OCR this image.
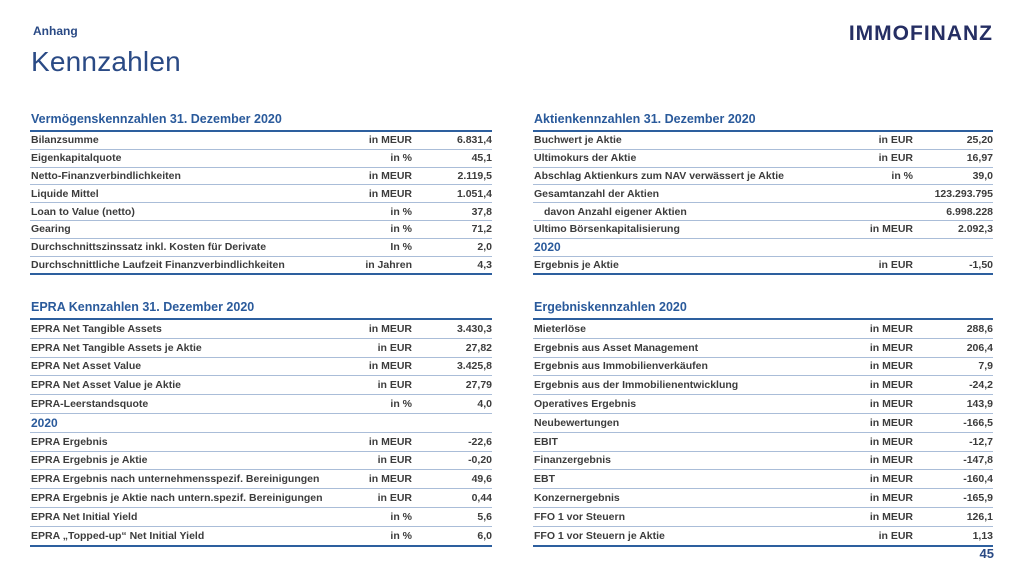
Anhang
Kennzahlen
IMMOFINANZ
Vermögenskennzahlen 31. Dezember 2020
Bilanzsumme	in MEUR	6.831,4
Eigenkapitalquote	in %	45,1
Netto-Finanzverbindlichkeiten	in MEUR	2.119,5
Liquide Mittel	in MEUR	1.051,4
Loan to Value (netto)	in %	37,8
Gearing	in %	71,2
Durchschnittszinssatz inkl. Kosten für Derivate	In %	2,0
Durchschnittliche Laufzeit Finanzverbindlichkeiten	in Jahren	4,3
Aktienkennzahlen 31. Dezember 2020
Buchwert je Aktie	in EUR	25,20
Ultimokurs der Aktie	in EUR	16,97
Abschlag Aktienkurs zum NAV verwässert je Aktie	in %	39,0
Gesamtanzahl der Aktien	123.293.795
davon Anzahl eigener Aktien	6.998.228
Ultimo Börsenkapitalisierung	in MEUR	2.092,3
2020
Ergebnis je Aktie	in EUR	-1,50
EPRA Kennzahlen 31. Dezember 2020
EPRA Net Tangible Assets	in MEUR	3.430,3
EPRA Net Tangible Assets je Aktie	in EUR	27,82
EPRA Net Asset Value	in MEUR	3.425,8
EPRA Net Asset Value je Aktie	in EUR	27,79
EPRA-Leerstandsquote	in %	4,0
2020
EPRA Ergebnis	in MEUR	-22,6
EPRA Ergebnis je Aktie	in EUR	-0,20
EPRA Ergebnis nach unternehmensspezif. Bereinigungen	in MEUR	49,6
EPRA Ergebnis je Aktie nach untern.spezif. Bereinigungen	in EUR	0,44
EPRA Net Initial Yield	in %	5,6
EPRA „Topped-up“ Net Initial Yield	in %	6,0
Ergebniskennzahlen 2020
Mieterlöse	in MEUR	288,6
Ergebnis aus Asset Management	in MEUR	206,4
Ergebnis aus Immobilienverkäufen	in MEUR	7,9
Ergebnis aus der Immobilienentwicklung	in MEUR	-24,2
Operatives Ergebnis	in MEUR	143,9
Neubewertungen	in MEUR	-166,5
EBIT	in MEUR	-12,7
Finanzergebnis	in MEUR	-147,8
EBT	in MEUR	-160,4
Konzernergebnis	in MEUR	-165,9
FFO 1 vor Steuern	in MEUR	126,1
FFO 1 vor Steuern je Aktie	in EUR	1,13
45
